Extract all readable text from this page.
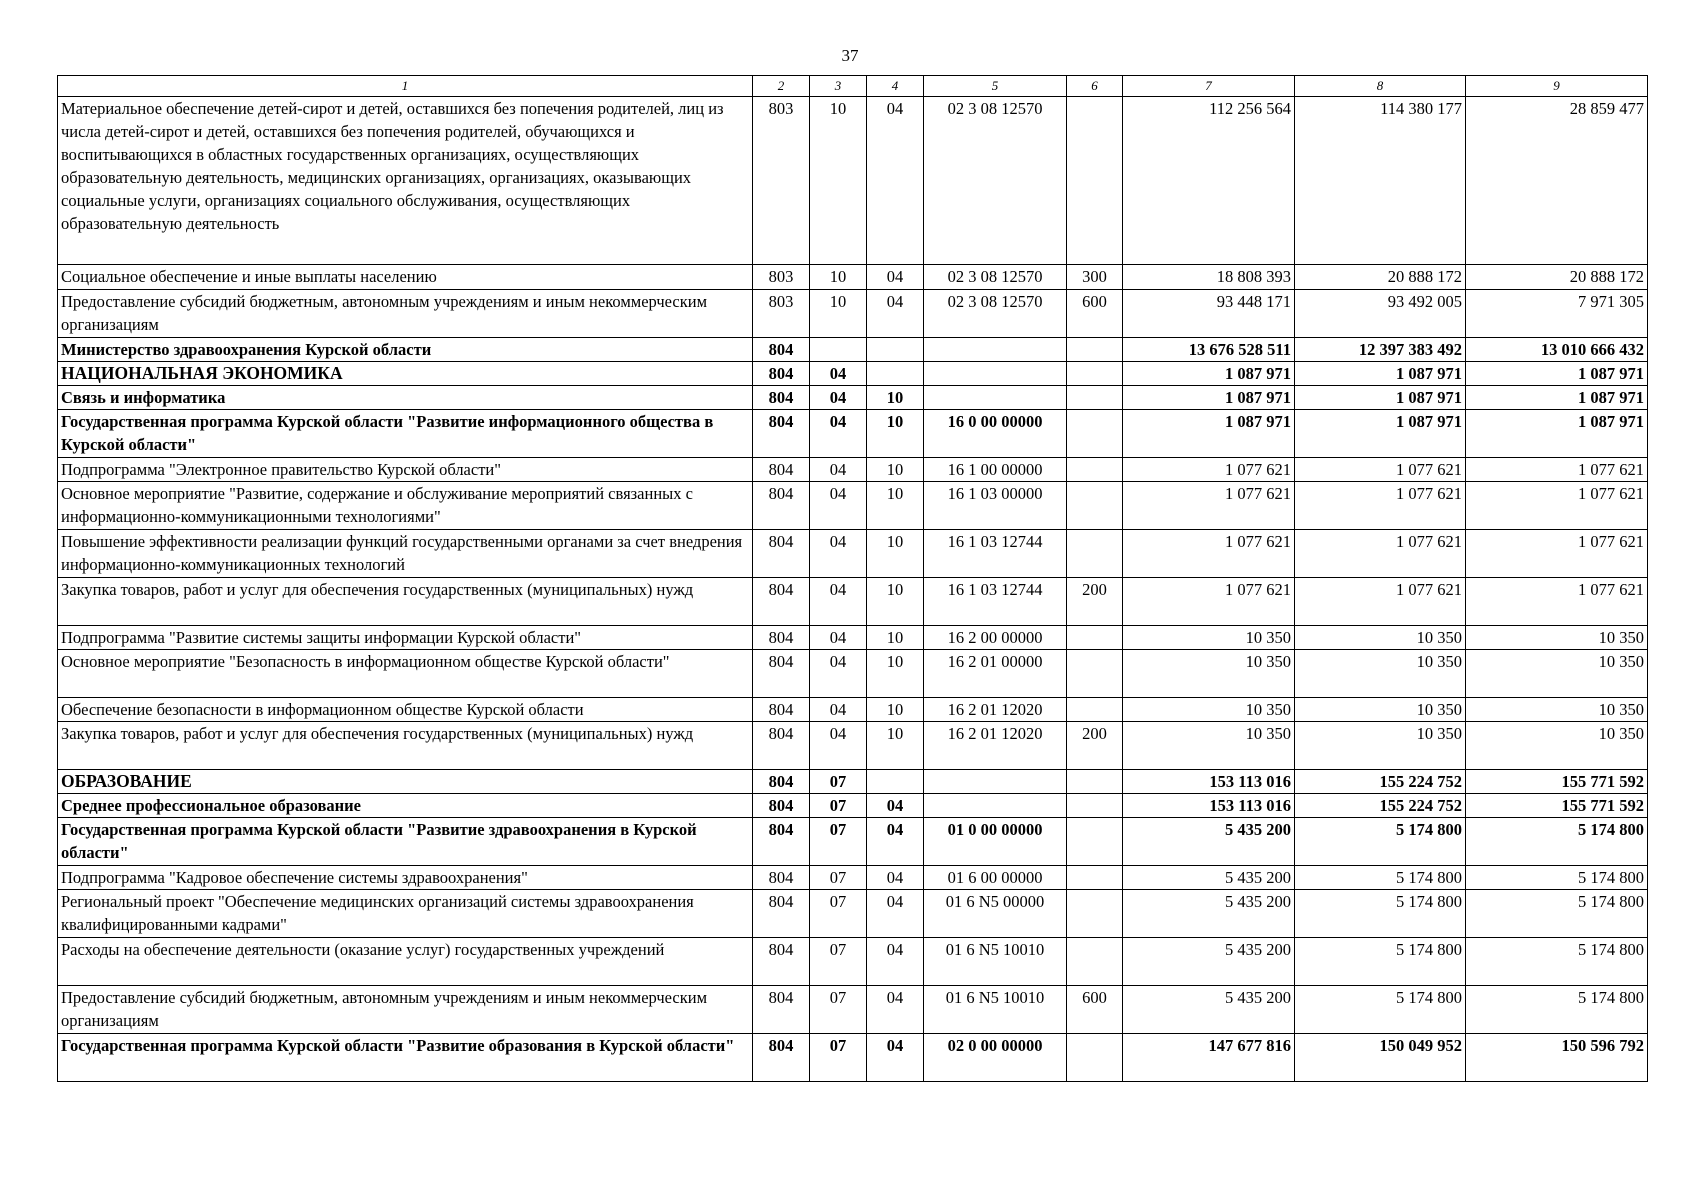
37
1	2	3	4	5	6	7	8	9
Материальное обеспечение детей-сирот и детей, оставшихся без попечения родителей, лиц из числа детей-сирот и детей, оставшихся без попечения родителей, обучающихся и воспитывающихся в областных государственных организациях, осуществляющих образовательную деятельность, медицинских организациях, организациях, оказывающих социальные услуги, организациях социального обслуживания, осуществляющих образовательную деятельность	803	10	04	02 3 08 12570		112 256 564	114 380 177	28 859 477
Социальное обеспечение и иные выплаты населению	803	10	04	02 3 08 12570	300	18 808 393	20 888 172	20 888 172
Предоставление субсидий бюджетным, автономным учреждениям и иным некоммерческим организациям	803	10	04	02 3 08 12570	600	93 448 171	93 492 005	7 971 305
Министерство здравоохранения Курской области	804					13 676 528 511	12 397 383 492	13 010 666 432
НАЦИОНАЛЬНАЯ ЭКОНОМИКА	804	04				1 087 971	1 087 971	1 087 971
Связь и информатика	804	04	10			1 087 971	1 087 971	1 087 971
Государственная программа Курской области "Развитие информационного общества в Курской области"	804	04	10	16 0 00 00000		1 087 971	1 087 971	1 087 971
Подпрограмма "Электронное правительство Курской области"	804	04	10	16 1 00 00000		1 077 621	1 077 621	1 077 621
Основное мероприятие "Развитие, содержание и обслуживание мероприятий связанных с информационно-коммуникационными технологиями"	804	04	10	16 1 03 00000		1 077 621	1 077 621	1 077 621
Повышение эффективности реализации функций государственными органами за счет внедрения информационно-коммуникационных технологий	804	04	10	16 1 03 12744		1 077 621	1 077 621	1 077 621
Закупка товаров, работ и услуг для обеспечения государственных (муниципальных) нужд	804	04	10	16 1 03 12744	200	1 077 621	1 077 621	1 077 621
Подпрограмма "Развитие системы защиты информации Курской области"	804	04	10	16 2 00 00000		10 350	10 350	10 350
Основное мероприятие "Безопасность в информационном обществе Курской области"	804	04	10	16 2 01 00000		10 350	10 350	10 350
Обеспечение безопасности в информационном обществе Курской области	804	04	10	16 2 01 12020		10 350	10 350	10 350
Закупка товаров, работ и услуг для обеспечения государственных (муниципальных) нужд	804	04	10	16 2 01 12020	200	10 350	10 350	10 350
ОБРАЗОВАНИЕ	804	07				153 113 016	155 224 752	155 771 592
Среднее профессиональное образование	804	07	04			153 113 016	155 224 752	155 771 592
Государственная программа Курской области "Развитие здравоохранения в Курской области"	804	07	04	01 0 00 00000		5 435 200	5 174 800	5 174 800
Подпрограмма "Кадровое обеспечение системы здравоохранения"	804	07	04	01 6 00 00000		5 435 200	5 174 800	5 174 800
Региональный проект "Обеспечение медицинских организаций системы здравоохранения квалифицированными кадрами"	804	07	04	01 6 N5 00000		5 435 200	5 174 800	5 174 800
Расходы на обеспечение деятельности (оказание услуг) государственных учреждений	804	07	04	01 6 N5 10010		5 435 200	5 174 800	5 174 800
Предоставление субсидий бюджетным, автономным учреждениям и иным некоммерческим организациям	804	07	04	01 6 N5 10010	600	5 435 200	5 174 800	5 174 800
Государственная программа Курской области "Развитие образования в Курской области"	804	07	04	02 0 00 00000		147 677 816	150 049 952	150 596 792
